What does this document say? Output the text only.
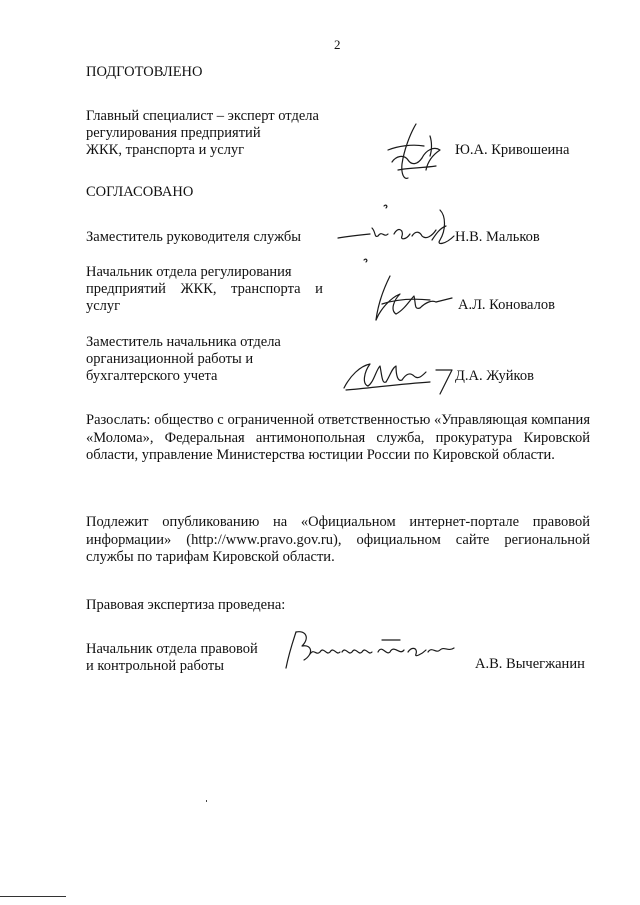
2
ПОДГОТОВЛЕНО
Главный специалист – эксперт отдела
регулирования предприятий
ЖКК, транспорта и услуг	Ю.А. Кривошеина
СОГЛАСОВАНО
Заместитель руководителя службы	Н.В. Мальков
Начальник отдела регулирования
предприятий ЖКК, транспорта и
услуг	А.Л. Коновалов
Заместитель начальника отдела
организационной работы и
бухгалтерского учета	Д.А. Жуйков
Разослать: общество с ограниченной ответственностью «Управляющая компания «Молома», Федеральная антимонопольная служба, прокуратура Кировской области, управление Министерства юстиции России по Кировской области.
Подлежит опубликованию на «Официальном интернет-портале правовой информации» (http://www.pravo.gov.ru), официальном сайте региональной службы по тарифам Кировской области.
Правовая экспертиза проведена:
Начальник отдела правовой
и контрольной работы	А.В. Вычегжанин
